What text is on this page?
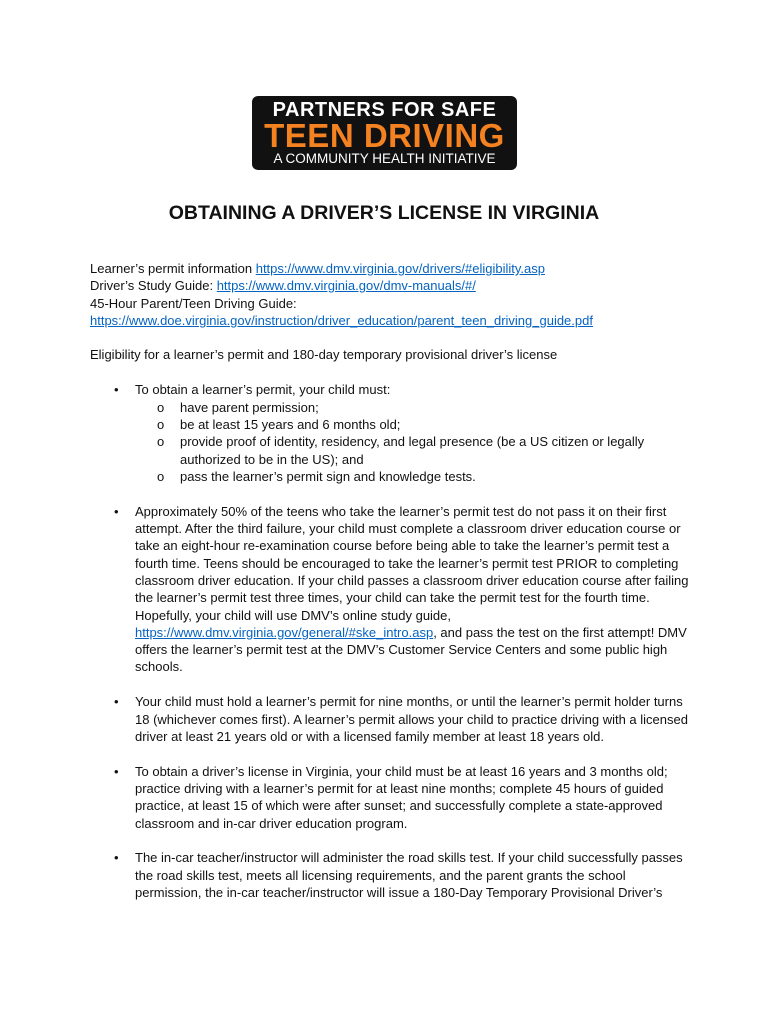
PARTNERS FOR SAFE
TEEN DRIVING
A COMMUNITY HEALTH INITIATIVE
OBTAINING A DRIVER’S LICENSE IN VIRGINIA

Learner’s permit information https://www.dmv.virginia.gov/drivers/#eligibility.asp

Driver’s Study Guide: https://www.dmv.virginia.gov/dmv-manuals/#/

45-Hour Parent/Teen Driving Guide:

https://www.doe.virginia.gov/instruction/driver_education/parent_teen_driving_guide.pdf

Eligibility for a learner’s permit and 180-day temporary provisional driver’s license

• To obtain a learner’s permit, your child must:
o have parent permission;
o be at least 15 years and 6 months old;
o provide proof of identity, residency, and legal presence (be a US citizen or legally authorized to be in the US); and
o pass the learner’s permit sign and knowledge tests.
• Approximately 50% of the teens who take the learner’s permit test do not pass it on their first attempt. After the third failure, your child must complete a classroom driver education course or take an eight-hour re-examination course before being able to take the learner’s permit test a fourth time. Teens should be encouraged to take the learner’s permit test PRIOR to completing classroom driver education. If your child passes a classroom driver education course after failing the learner’s permit test three times, your child can take the permit test for the fourth time. Hopefully, your child will use DMV’s online study guide, https://www.dmv.virginia.gov/general/#ske_intro.asp, and pass the test on the first attempt! DMV offers the learner’s permit test at the DMV’s Customer Service Centers and some public high schools.
• Your child must hold a learner’s permit for nine months, or until the learner’s permit holder turns 18 (whichever comes first). A learner’s permit allows your child to practice driving with a licensed driver at least 21 years old or with a licensed family member at least 18 years old.
• To obtain a driver’s license in Virginia, your child must be at least 16 years and 3 months old; practice driving with a learner’s permit for at least nine months; complete 45 hours of guided practice, at least 15 of which were after sunset; and successfully complete a state-approved classroom and in-car driver education program.
• The in-car teacher/instructor will administer the road skills test. If your child successfully passes the road skills test, meets all licensing requirements, and the parent grants the school permission, the in-car teacher/instructor will issue a 180-Day Temporary Provisional Driver’s
